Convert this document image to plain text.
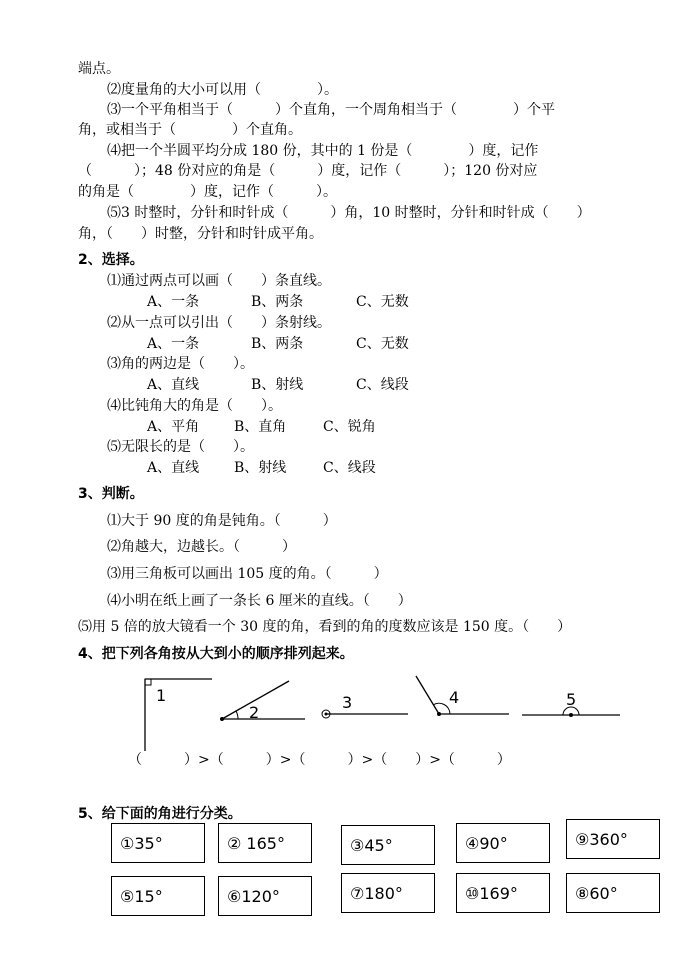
端点。
⑵度量角的大小可以用（　　　　）。
⑶一个平角相当于（　　　）个直角，一个周角相当于（　　　　）个平
角，或相当于（　　　　）个直角。
⑷把一个半圆平均分成 180 份，其中的 1 份是（　　　　）度，记作
（　　　）；48 份对应的角是（　　　）度，记作（　　　）；120 份对应
的角是（　　　　）度，记作（　　　）。
⑸3 时整时，分针和时针成（　　　）角，10 时整时，分针和时针成（　　）
角，（　　）时整，分针和时针成平角。
2、选择。
⑴通过两点可以画（　　）条直线。
A、一条	B、两条	C、无数
⑵从一点可以引出（　　）条射线。
A、一条	B、两条	C、无数
⑶角的两边是（　　）。
A、直线	B、射线	C、线段
⑷比钝角大的角是（　　）。
A、平角 B、直角	C、锐角
⑸无限长的是（　　）。
A、直线 B、射线	C、线段
3、判断。
⑴大于 90 度的角是钝角。（　　　）
⑵角越大，边越长。（　　　）
⑶用三角板可以画出 105 度的角。（　　　）
⑷小明在纸上画了一条长 6 厘米的直线。（　　）
⑸用 5 倍的放大镜看一个 30 度的角，看到的角的度数应该是 150 度。（　　）
4、把下列各角按从大到小的顺序排列起来。
1
2
3	4	5
（　　　）>（　　　）>（　　　）>（　　）>（　　　）
5、给下面的角进行分类。
①35°	② 165°	③45°	④90°	⑨360°
⑤15°	⑥120°	⑦180°	⑩169°	⑧60°
